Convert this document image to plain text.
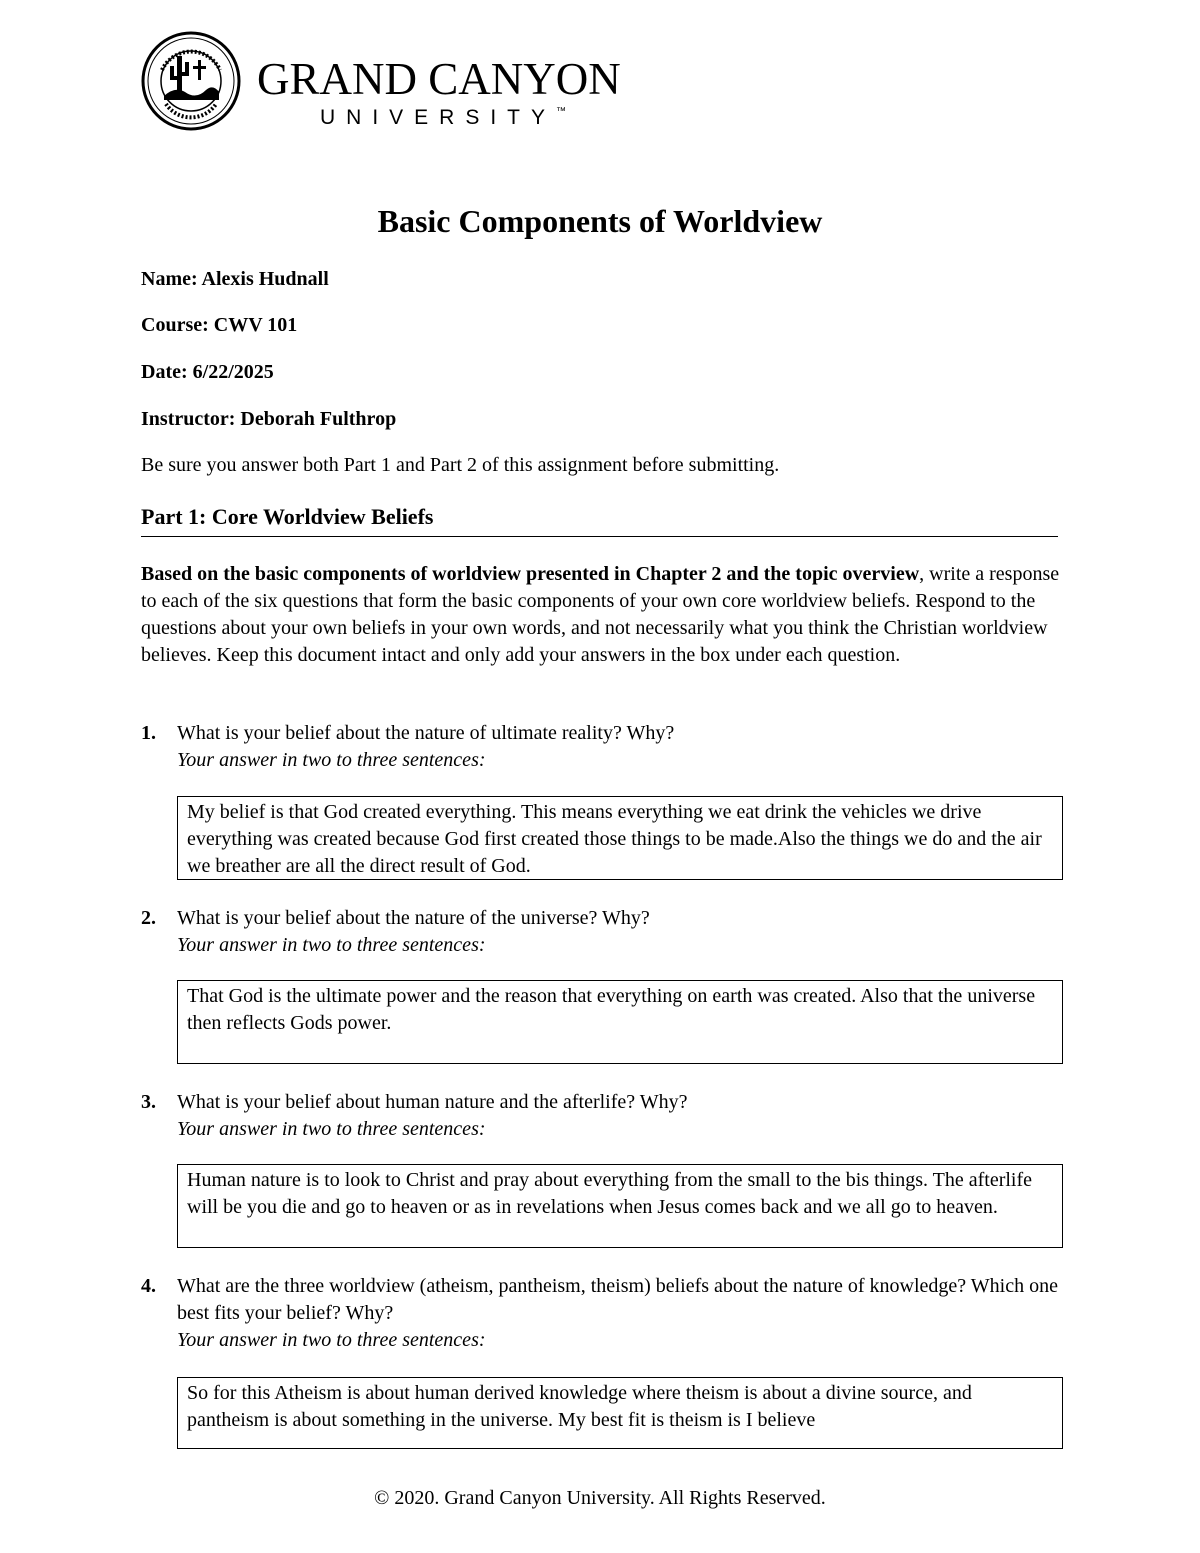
GRAND CANYON
UNIVERSITY™
Basic Components of Worldview
Name: Alexis Hudnall
Course: CWV 101
Date: 6/22/2025
Instructor: Deborah Fulthrop
Be sure you answer both Part 1 and Part 2 of this assignment before submitting.
Part 1: Core Worldview Beliefs
Based on the basic components of worldview presented in Chapter 2 and the topic overview, write a response to each of the six questions that form the basic components of your own core worldview beliefs. Respond to the questions about your own beliefs in your own words, and not necessarily what you think the Christian worldview believes. Keep this document intact and only add your answers in the box under each question.
1. What is your belief about the nature of ultimate reality? Why?
Your answer in two to three sentences:
My belief is that God created everything. This means everything we eat drink the vehicles we drive everything was created because God first created those things to be made.Also the things we do and the air we breather are all the direct result of God.
2. What is your belief about the nature of the universe? Why?
Your answer in two to three sentences:
That God is the ultimate power and the reason that everything on earth was created. Also that the universe then reflects Gods power.
3. What is your belief about human nature and the afterlife? Why?
Your answer in two to three sentences:
Human nature is to look to Christ and pray about everything from the small to the bis things. The afterlife will be you die and go to heaven or as in revelations when Jesus comes back and we all go to heaven.
4. What are the three worldview (atheism, pantheism, theism) beliefs about the nature of knowledge? Which one best fits your belief? Why?
Your answer in two to three sentences:
So for this Atheism is about human derived knowledge where theism is about a divine source, and pantheism is about something in the universe. My best fit is theism is I believe
© 2020. Grand Canyon University. All Rights Reserved.
